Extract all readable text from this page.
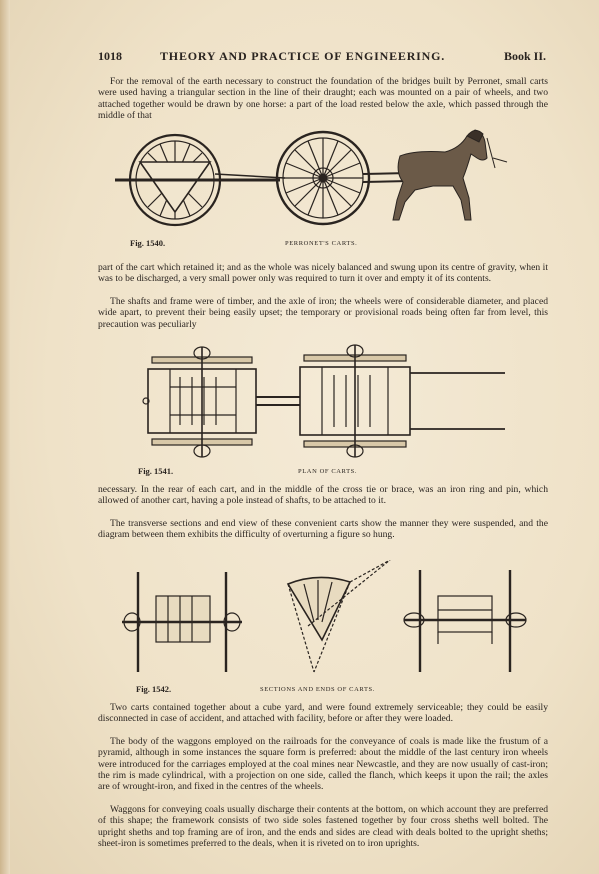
1018	THEORY AND PRACTICE OF ENGINEERING.	Book II.

For the removal of the earth necessary to construct the foundation of the bridges built by Perronet, small carts were used having a triangular section in the line of their draught; each was mounted on a pair of wheels, and two attached together would be drawn by one horse: a part of the load rested below the axle, which passed through the middle of that

Fig. 1540.	PERRONET'S CARTS.

part of the cart which retained it; and as the whole was nicely balanced and swung upon its centre of gravity, when it was to be discharged, a very small power only was required to turn it over and empty it of its contents.

The shafts and frame were of timber, and the axle of iron; the wheels were of considerable diameter, and placed wide apart, to prevent their being easily upset; the temporary or provisional roads being often far from level, this precaution was peculiarly

Fig. 1541.	PLAN OF CARTS.

necessary. In the rear of each cart, and in the middle of the cross tie or brace, was an iron ring and pin, which allowed of another cart, having a pole instead of shafts, to be attached to it.

The transverse sections and end view of these convenient carts show the manner they were suspended, and the diagram between them exhibits the difficulty of overturning a figure so hung.

Fig. 1542.	SECTIONS AND ENDS OF CARTS.

Two carts contained together about a cube yard, and were found extremely serviceable; they could be easily disconnected in case of accident, and attached with facility, before or after they were loaded.

The body of the waggons employed on the railroads for the conveyance of coals is made like the frustum of a pyramid, although in some instances the square form is preferred: about the middle of the last century iron wheels were introduced for the carriages employed at the coal mines near Newcastle, and they are now usually of cast-iron; the rim is made cylindrical, with a projection on one side, called the flanch, which keeps it upon the rail; the axles are of wrought-iron, and fixed in the centres of the wheels.

Waggons for conveying coals usually discharge their contents at the bottom, on which account they are preferred of this shape; the framework consists of two side soles fastened together by four cross sheths well bolted. The upright sheths and top framing are of iron, and the ends and sides are clead with deals bolted to the upright sheths; sheet-iron is sometimes preferred to the deals, when it is riveted on to iron uprights.
